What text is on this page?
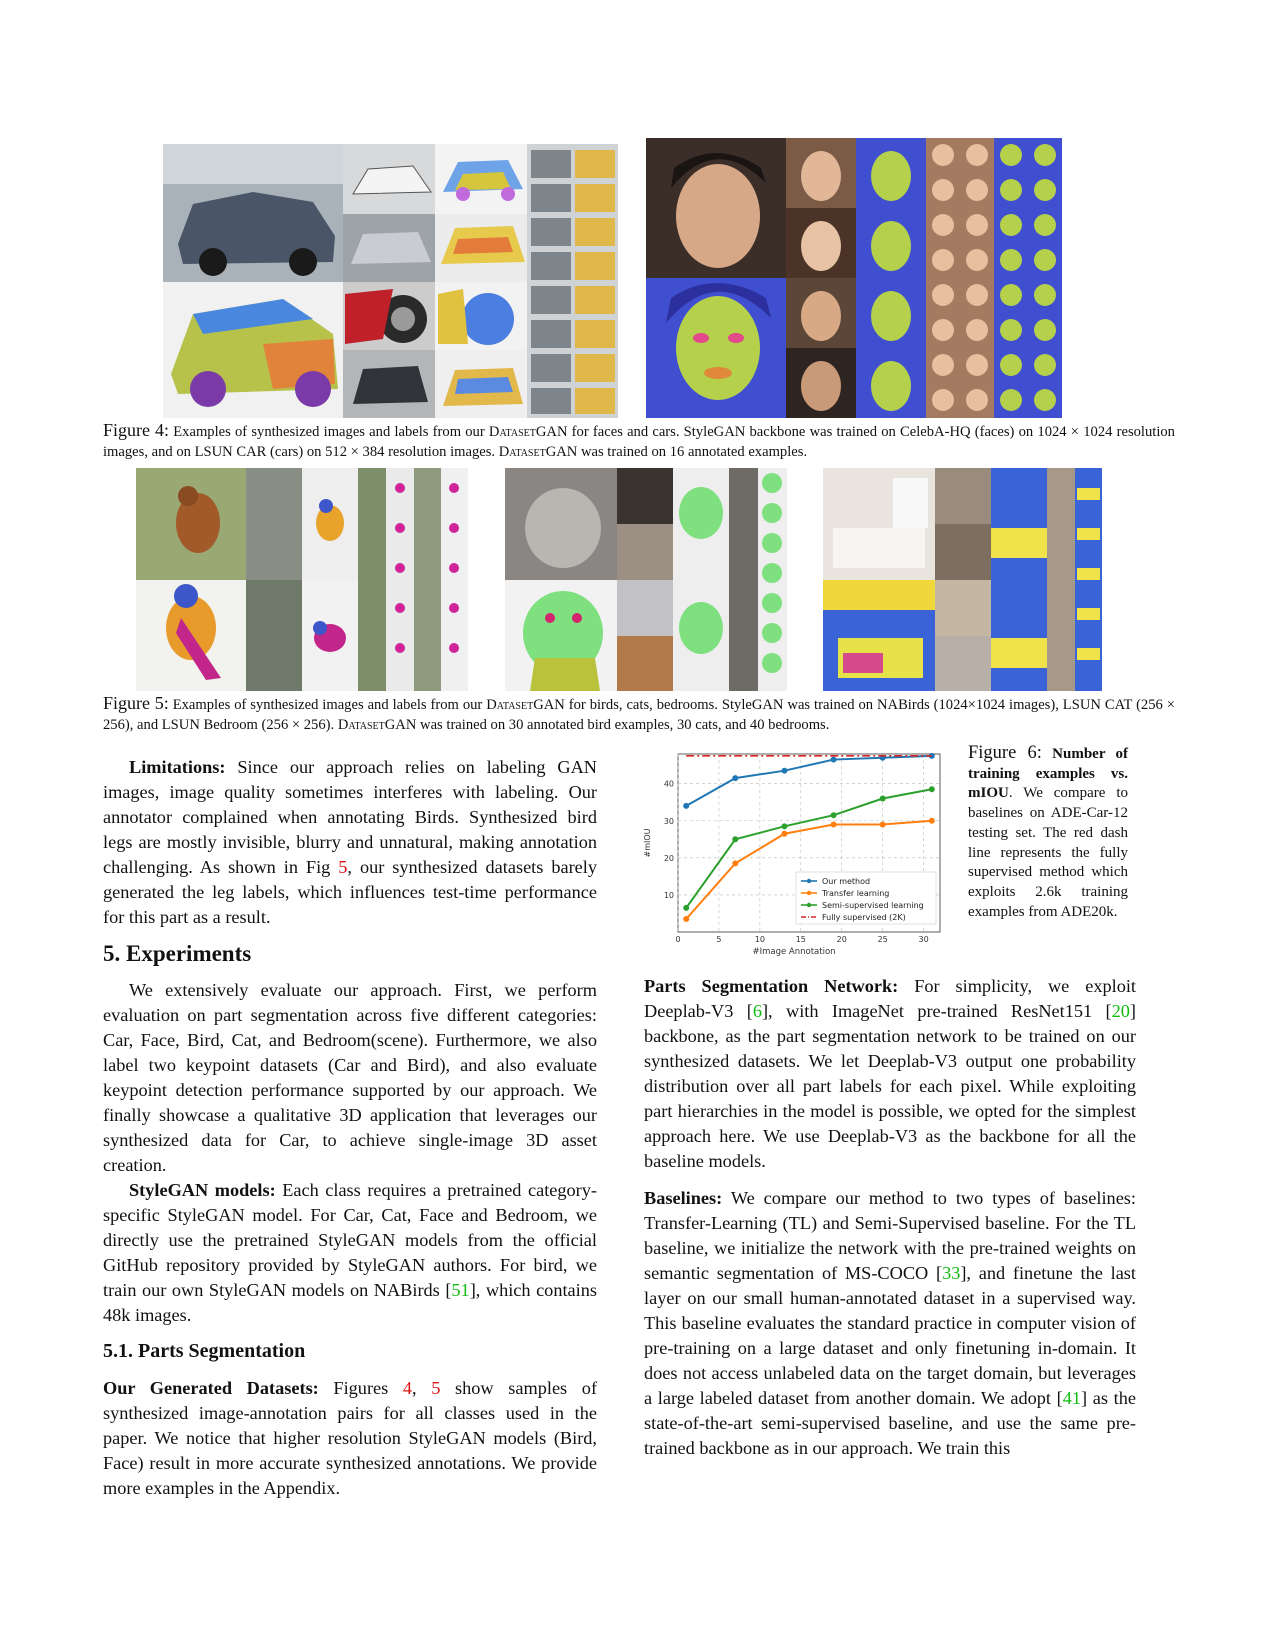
Figure 4: Examples of synthesized images and labels from our DatasetGAN for faces and cars. StyleGAN backbone was trained on CelebA-HQ (faces) on 1024 × 1024 resolution images, and on LSUN CAR (cars) on 512 × 384 resolution images. DatasetGAN was trained on 16 annotated examples.
Figure 5: Examples of synthesized images and labels from our DatasetGAN for birds, cats, bedrooms. StyleGAN was trained on NABirds (1024×1024 images), LSUN CAT (256 × 256), and LSUN Bedroom (256 × 256). DatasetGAN was trained on 30 annotated bird examples, 30 cats, and 40 bedrooms.
0	5	10	15	20	25	30
10
20
30
40
#Image Annotation
#mIOU
Our method
Transfer learning
Semi-supervised learning
Fully supervised (2K)
Figure 6: Number of training examples vs. mIOU. We compare to baselines on ADE-Car-12 testing set. The red dash line represents the fully supervised method which exploits 2.6k training examples from ADE20k.

Limitations: Since our approach relies on labeling GAN images, image quality sometimes interferes with labeling. Our annotator complained when annotating Birds. Synthesized bird legs are mostly invisible, blurry and unnatural, making annotation challenging. As shown in Fig 5, our synthesized datasets barely generated the leg labels, which influences test-time performance for this part as a result.

5. Experiments

We extensively evaluate our approach. First, we perform evaluation on part segmentation across five different categories: Car, Face, Bird, Cat, and Bedroom(scene). Furthermore, we also label two keypoint datasets (Car and Bird), and also evaluate keypoint detection performance supported by our approach. We finally showcase a qualitative 3D application that leverages our synthesized data for Car, to achieve single-image 3D asset creation.

StyleGAN models: Each class requires a pretrained category-specific StyleGAN model. For Car, Cat, Face and Bedroom, we directly use the pretrained StyleGAN models from the official GitHub repository provided by StyleGAN authors. For bird, we train our own StyleGAN models on NABirds [51], which contains 48k images.

5.1. Parts Segmentation

Our Generated Datasets: Figures 4, 5 show samples of synthesized image-annotation pairs for all classes used in the paper. We notice that higher resolution StyleGAN models (Bird, Face) result in more accurate synthesized annotations. We provide more examples in the Appendix.

Parts Segmentation Network: For simplicity, we exploit Deeplab-V3 [6], with ImageNet pre-trained ResNet151 [20] backbone, as the part segmentation network to be trained on our synthesized datasets. We let Deeplab-V3 output one probability distribution over all part labels for each pixel. While exploiting part hierarchies in the model is possible, we opted for the simplest approach here. We use Deeplab-V3 as the backbone for all the baseline models.

Baselines: We compare our method to two types of baselines: Transfer-Learning (TL) and Semi-Supervised baseline. For the TL baseline, we initialize the network with the pre-trained weights on semantic segmentation of MS-COCO [33], and finetune the last layer on our small human-annotated dataset in a supervised way. This baseline evaluates the standard practice in computer vision of pre-training on a large dataset and only finetuning in-domain. It does not access unlabeled data on the target domain, but leverages a large labeled dataset from another domain. We adopt [41] as the state-of-the-art semi-supervised baseline, and use the same pre-trained backbone as in our approach. We train this
